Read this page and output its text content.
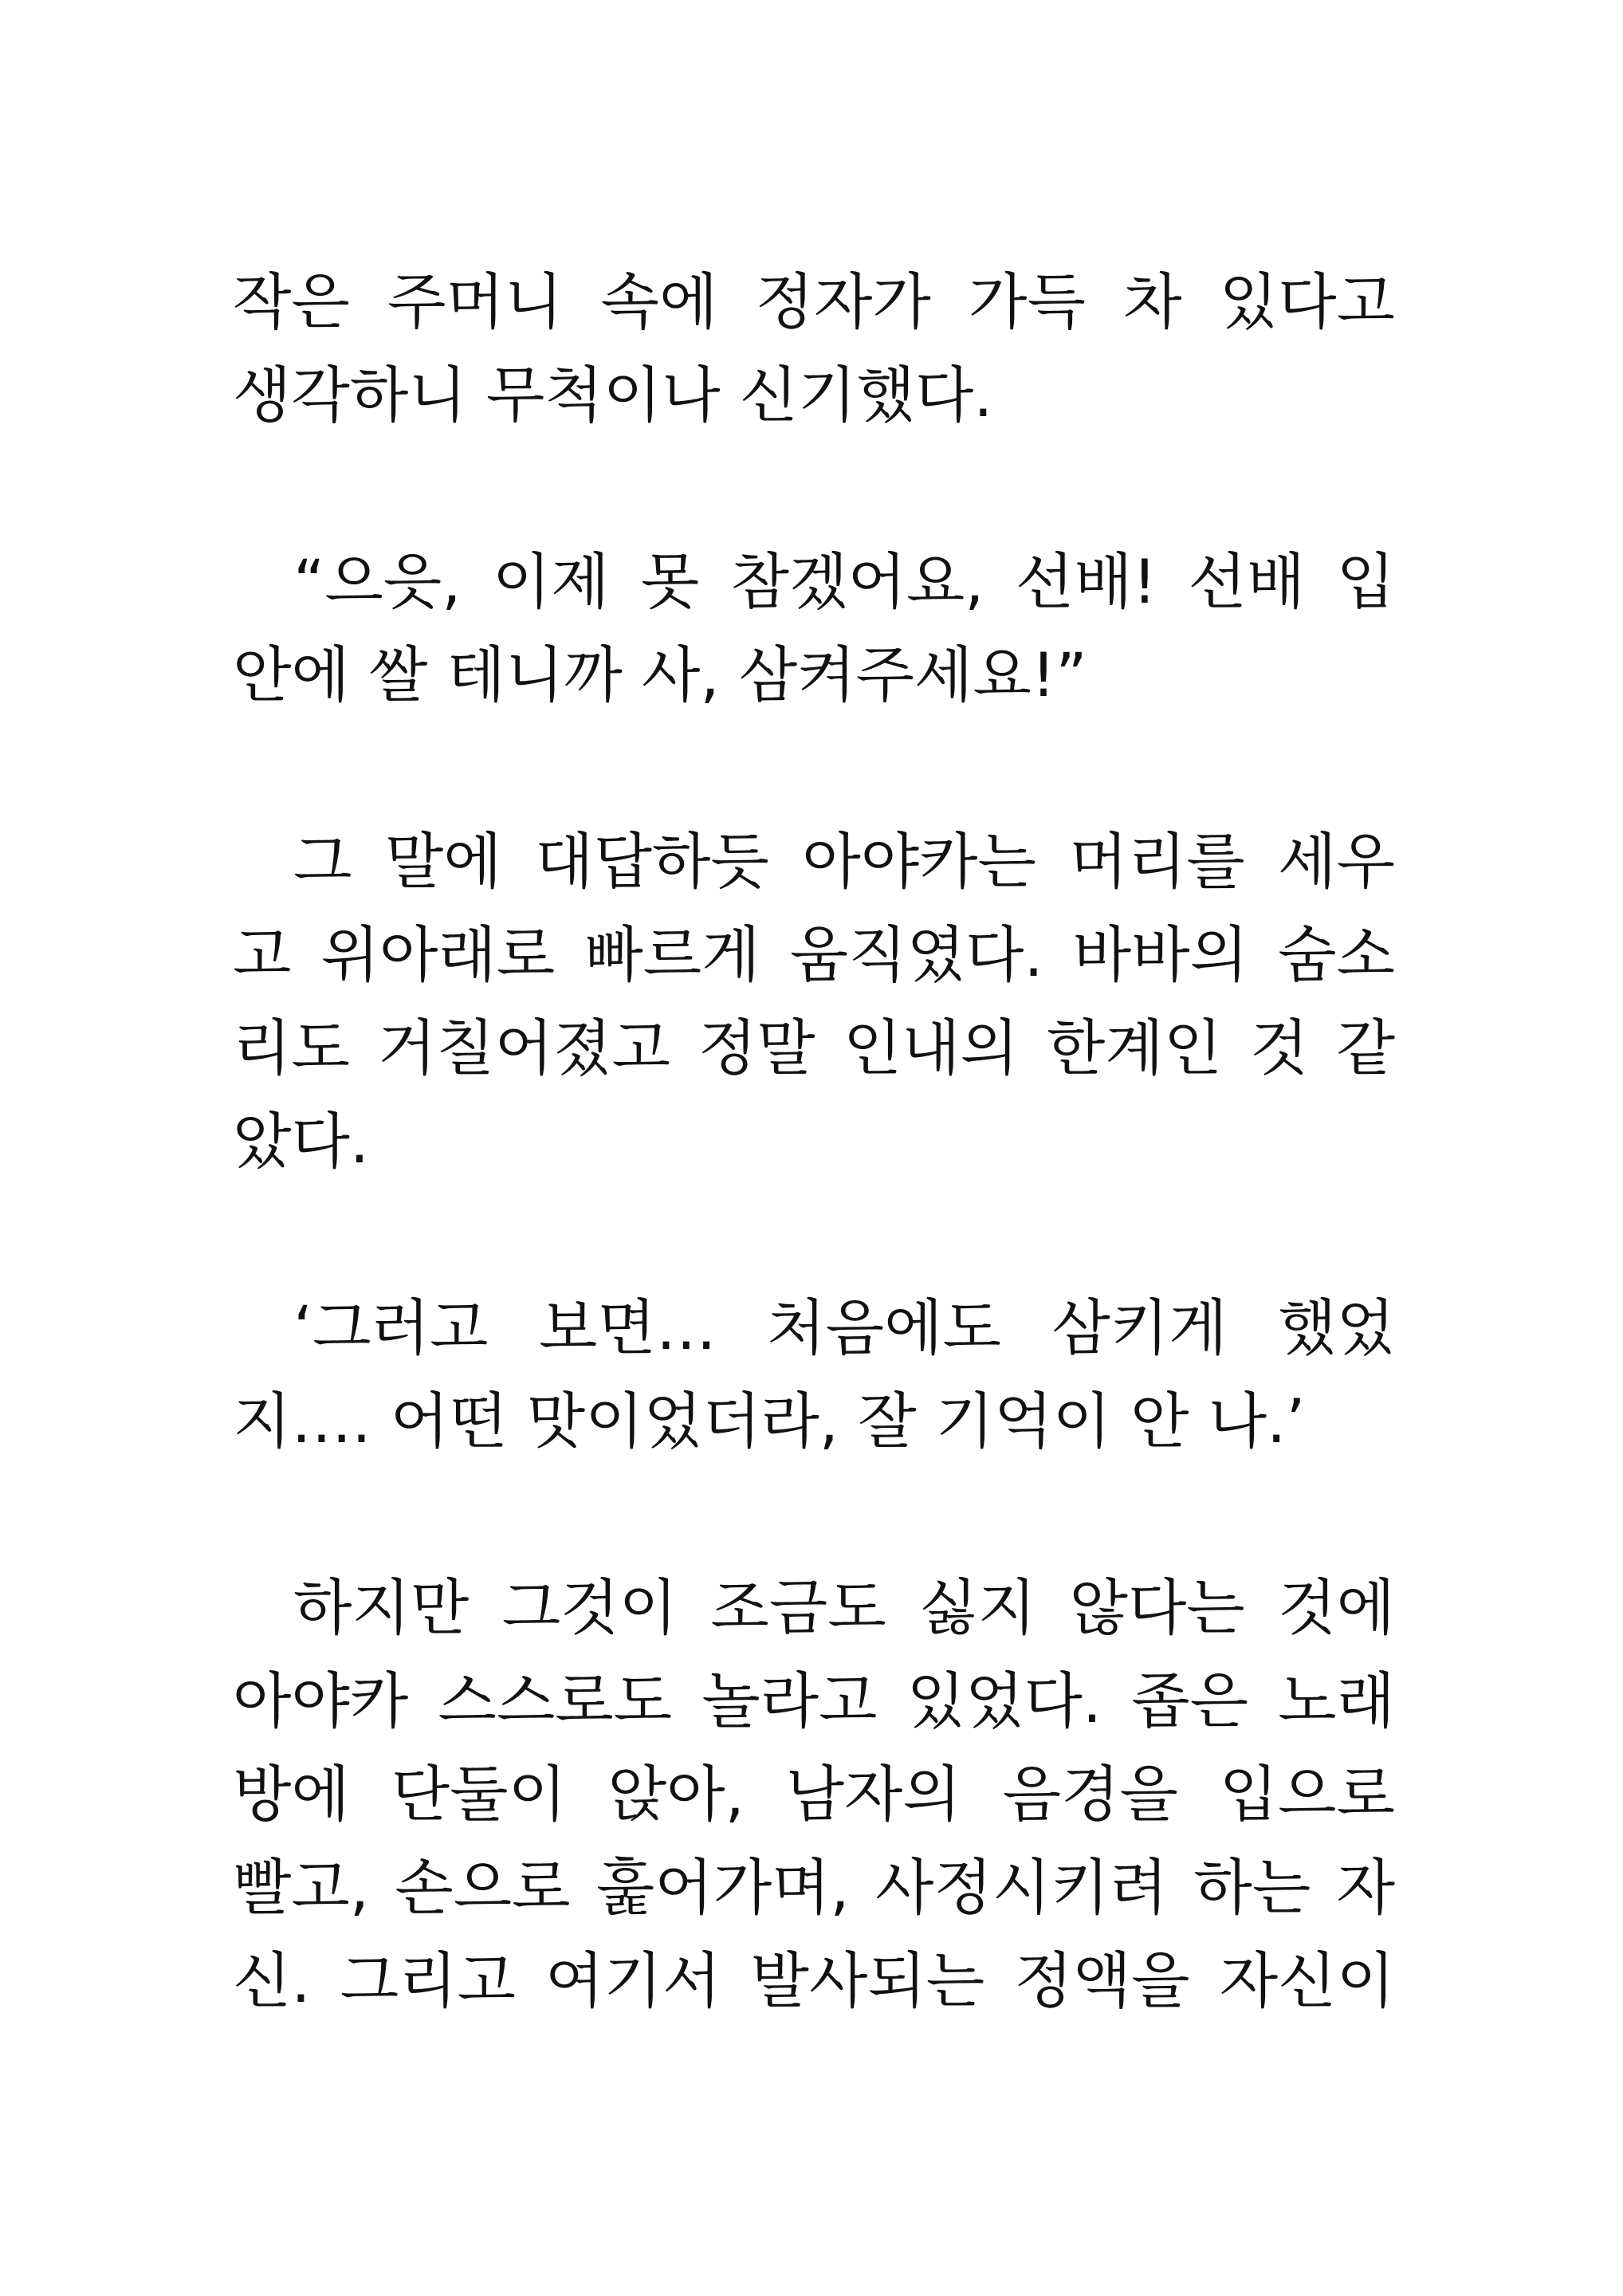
작은 주머니 속에 정자가 가득 차 있다고
생각하니 무척이나 신기했다.
“으읏, 이제 못 참겠어요, 선배! 선배 입
안에 쌀 테니까 사, 삼켜주세요!”
그 말에 대답하듯 아야카는 머리를 세우
고 위아래로 빠르게 움직였다. 바바의 숨소
리도 거칠어졌고 정말 인내의 한계인 것 같
았다.
‘그러고 보면… 처음에도 삼키게 했었
지…. 어떤 맛이었더라, 잘 기억이 안 나.’
하지만 그것이 조금도 싫지 않다는 것에
아야카 스스로도 놀라고 있었다. 좁은 노래
방에 단둘이 앉아, 남자의 음경을 입으로
빨고, 손으로 훑어가며, 사정시키려 하는 자
신. 그리고 여기서 발사되는 정액을 자신이
